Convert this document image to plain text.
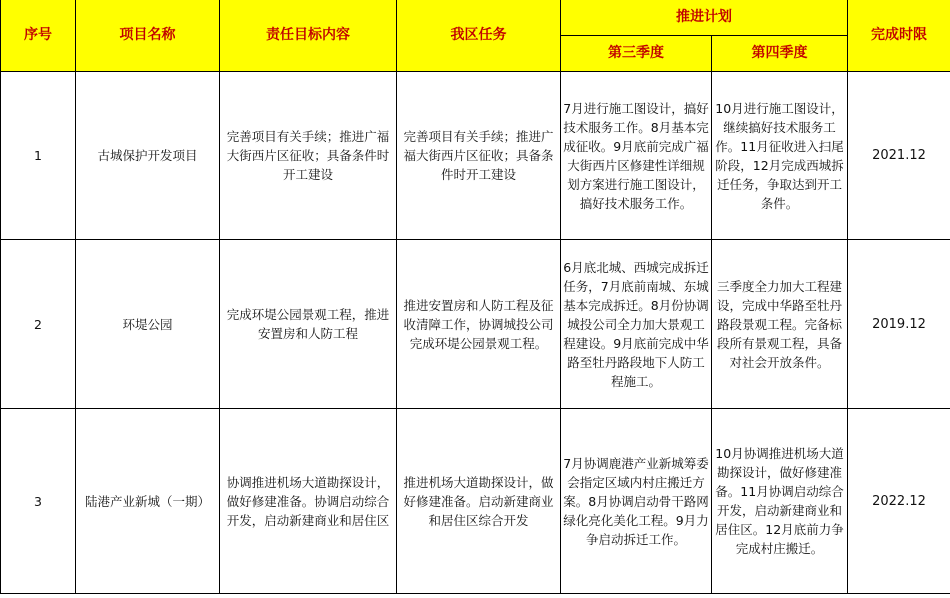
序号	项目名称	责任目标内容	我区任务	推进计划		完成时限
				第三季度	第四季度	
1	古城保护开发项目	完善项目有关手续；推进广福大街西片区征收；具备条件时开工建设	完善项目有关手续；推进广福大街西片区征收；具备条件时开工建设	7月进行施工图设计，搞好技术服务工作。8月基本完成征收。9月底前完成广福大街西片区修建性详细规划方案进行施工图设计，搞好技术服务工作。	10月进行施工图设计，继续搞好技术服务工作。11月征收进入扫尾阶段，12月完成西城拆迁任务，争取达到开工条件。	2021.12
2	环堤公园	完成环堤公园景观工程，推进安置房和人防工程	推进安置房和人防工程及征收清障工作，协调城投公司完成环堤公园景观工程。	6月底北城、西城完成拆迁任务，7月底前南城、东城基本完成拆迁。8月份协调城投公司全力加大景观工程建设。9月底前完成中华路至牡丹路段地下人防工程施工。	三季度全力加大工程建设，完成中华路至牡丹路段景观工程。完备标段所有景观工程，具备对社会开放条件。	2019.12
3	陆港产业新城（一期）	协调推进机场大道勘探设计，做好修建准备。协调启动综合开发，启动新建商业和居住区	推进机场大道勘探设计，做好修建准备。启动新建商业和居住区综合开发	7月协调鹿港产业新城筹委会指定区域内村庄搬迁方案。8月协调启动骨干路网绿化亮化美化工程。9月力争启动拆迁工作。	10月协调推进机场大道勘探设计，做好修建准备。11月协调启动综合开发，启动新建商业和居住区。12月底前力争完成村庄搬迁。	2022.12
